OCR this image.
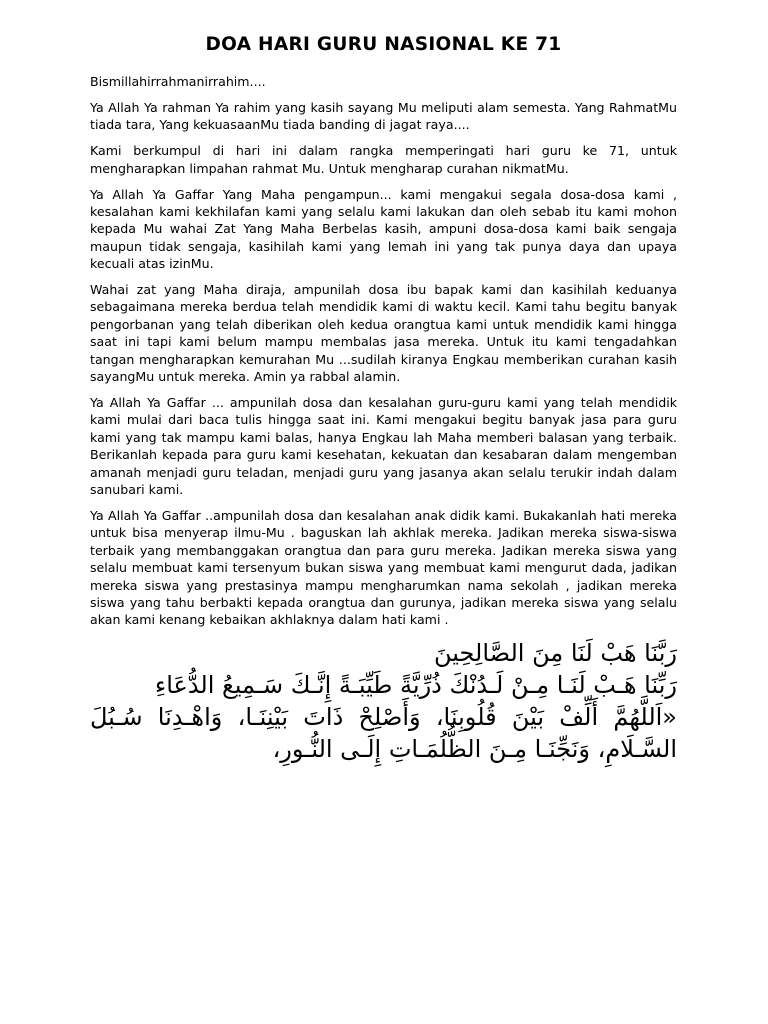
DOA HARI GURU NASIONAL KE 71

Bismillahirrahmanirrahim....

Ya Allah Ya rahman Ya rahim yang kasih sayang Mu meliputi alam semesta. Yang RahmatMu tiada tara, Yang kekuasaanMu tiada banding di jagat raya....

Kami berkumpul di hari ini dalam rangka memperingati hari guru ke 71, untuk mengharapkan limpahan rahmat Mu. Untuk mengharap curahan nikmatMu.

Ya Allah Ya Gaffar Yang Maha pengampun... kami mengakui segala dosa-dosa kami , kesalahan kami kekhilafan kami yang selalu kami lakukan dan oleh sebab itu kami mohon kepada Mu wahai Zat Yang Maha Berbelas kasih, ampuni dosa-dosa kami baik sengaja maupun tidak sengaja, kasihilah kami yang lemah ini yang tak punya daya dan upaya kecuali atas izinMu.

Wahai zat yang Maha diraja, ampunilah dosa ibu bapak kami dan kasihilah keduanya sebagaimana mereka berdua telah mendidik kami di waktu kecil. Kami tahu begitu banyak pengorbanan yang telah diberikan oleh kedua orangtua kami untuk mendidik kami hingga saat ini tapi kami belum mampu membalas jasa mereka. Untuk itu kami tengadahkan tangan mengharapkan kemurahan Mu ...sudilah kiranya Engkau memberikan curahan kasih sayangMu untuk mereka. Amin ya rabbal alamin.

Ya Allah Ya Gaffar ... ampunilah dosa dan kesalahan guru-guru kami yang telah mendidik kami mulai dari baca tulis hingga saat ini. Kami mengakui begitu banyak jasa para guru kami yang tak mampu kami balas, hanya Engkau lah Maha memberi balasan yang terbaik. Berikanlah kepada para guru kami kesehatan, kekuatan dan kesabaran dalam mengemban amanah menjadi guru teladan, menjadi guru yang jasanya akan selalu terukir indah dalam sanubari kami.

Ya Allah Ya Gaffar ..ampunilah dosa dan kesalahan anak didik kami. Bukakanlah hati mereka untuk bisa menyerap ilmu-Mu . baguskan lah akhlak mereka. Jadikan mereka siswa-siswa terbaik yang membanggakan orangtua dan para guru mereka. Jadikan mereka siswa yang selalu membuat kami tersenyum bukan siswa yang membuat kami mengurut dada, jadikan mereka siswa yang prestasinya mampu mengharumkan nama sekolah , jadikan mereka siswa yang tahu berbakti kepada orangtua dan gurunya, jadikan mereka siswa yang selalu akan kami kenang kebaikan akhlaknya dalam hati kami .

رَبَّنَا هَبْ لَنَا مِنَ الصَّالِحِينَ

رَبِّنَا هَـبْ لَنَـا مِـنْ لَـدُنْكَ ذُرِّيَّةً طَيِّبَـةً إِنَّـكَ سَـمِيعُ الدُّعَاءِ

«اَللَّهُمَّ أَلِّفْ بَيْنَ قُلُوبِنَا، وَأَصْلِحْ ذَاتَ بَيْنِنَـا، وَاهْـدِنَا سُـبُلَ السَّـلَامِ، وَنَجِّنَـا مِـنَ الظُّلُمَـاتِ إِلَـى النُّـورِ،
